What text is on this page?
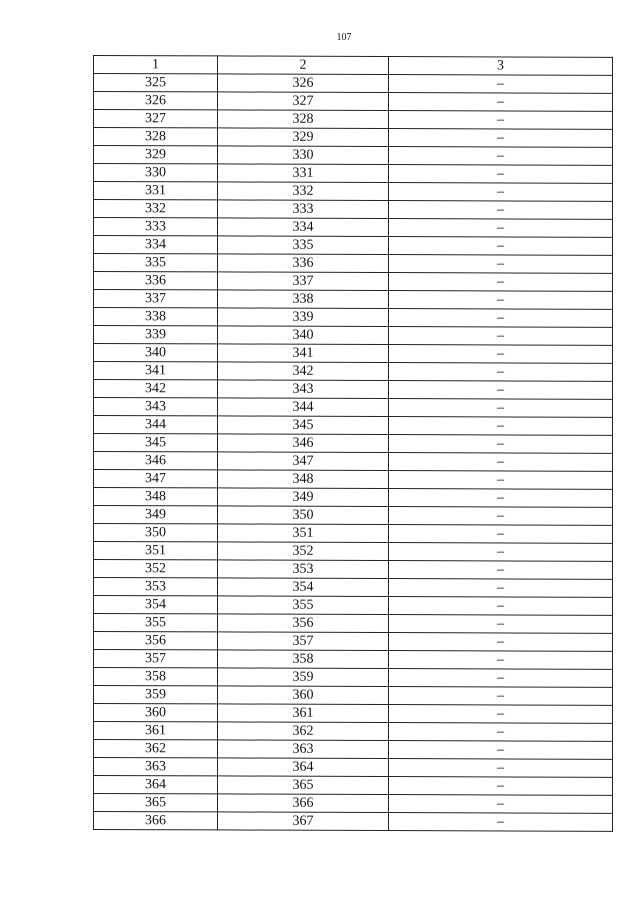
107
1	2	3
325	326	–
326	327	–
327	328	–
328	329	–
329	330	–
330	331	–
331	332	–
332	333	–
333	334	–
334	335	–
335	336	–
336	337	–
337	338	–
338	339	–
339	340	–
340	341	–
341	342	–
342	343	–
343	344	–
344	345	–
345	346	–
346	347	–
347	348	–
348	349	–
349	350	–
350	351	–
351	352	–
352	353	–
353	354	–
354	355	–
355	356	–
356	357	–
357	358	–
358	359	–
359	360	–
360	361	–
361	362	–
362	363	–
363	364	–
364	365	–
365	366	–
366	367	–
